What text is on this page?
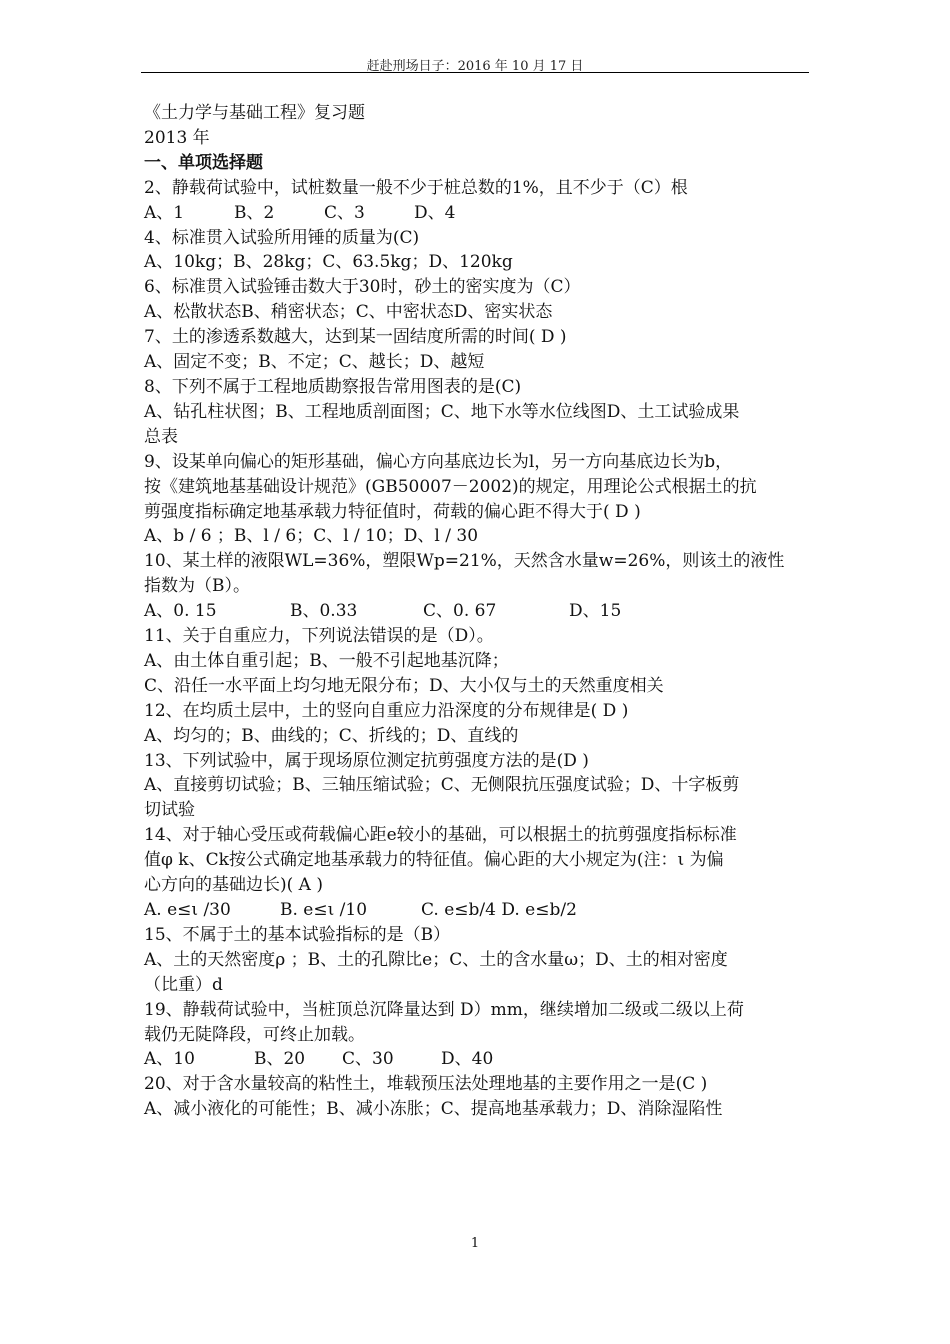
赶赴刑场日子：2016 年 10 月 17 日
《土力学与基础工程》复习题
2013 年
一、单项选择题
2、静载荷试验中，试桩数量一般不少于桩总数的1%，且不少于（C）根
A、1	B、2	C、3	D、4
4、标准贯入试验所用锤的质量为(C)
A、10kg；B、28kg；C、63.5kg；D、120kg
6、标准贯入试验锤击数大于30时，砂土的密实度为（C）
A、松散状态B、稍密状态；C、中密状态D、密实状态
7、土的渗透系数越大，达到某一固结度所需的时间( D )
A、固定不变；B、不定；C、越长；D、越短
8、下列不属于工程地质勘察报告常用图表的是(C)
A、钻孔柱状图；B、工程地质剖面图；C、地下水等水位线图D、土工试验成果
总表
9、设某单向偏心的矩形基础，偏心方向基底边长为l，另一方向基底边长为b，
按《建筑地基基础设计规范》(GB50007－2002)的规定，用理论公式根据土的抗
剪强度指标确定地基承载力特征值时，荷载的偏心距不得大于( D )
A、b / 6 ；B、l / 6；C、l / 10；D、l / 30
10、某土样的液限WL=36%，塑限Wp=21%，天然含水量w=26%，则该土的液性
指数为（B）。
A、0. 15	B、0.33	C、0. 67	D、15
11、关于自重应力，下列说法错误的是（D）。
A、由土体自重引起；B、一般不引起地基沉降；
C、沿任一水平面上均匀地无限分布；D、大小仅与土的天然重度相关
12、在均质土层中，土的竖向自重应力沿深度的分布规律是( D )
A、均匀的；B、曲线的；C、折线的；D、直线的
13、下列试验中，属于现场原位测定抗剪强度方法的是(D )
A、直接剪切试验；B、三轴压缩试验；C、无侧限抗压强度试验；D、十字板剪
切试验
14、对于轴心受压或荷载偏心距e较小的基础，可以根据土的抗剪强度指标标准
值φ k、Ck按公式确定地基承载力的特征值。偏心距的大小规定为(注：ι 为偏
心方向的基础边长)( A )
A. e≤ι /30	B. e≤ι /10	C. e≤b/4 D. e≤b/2
15、不属于土的基本试验指标的是（B）
A、土的天然密度ρ ；B、土的孔隙比e；C、土的含水量ω；D、土的相对密度
（比重）d
19、静载荷试验中，当桩顶总沉降量达到 D）mm，继续增加二级或二级以上荷
载仍无陡降段，可终止加载。
A、10	B、20 C、30	D、40
20、对于含水量较高的粘性土，堆载预压法处理地基的主要作用之一是(C )
A、减小液化的可能性；B、减小冻胀；C、提高地基承载力；D、消除湿陷性
1
